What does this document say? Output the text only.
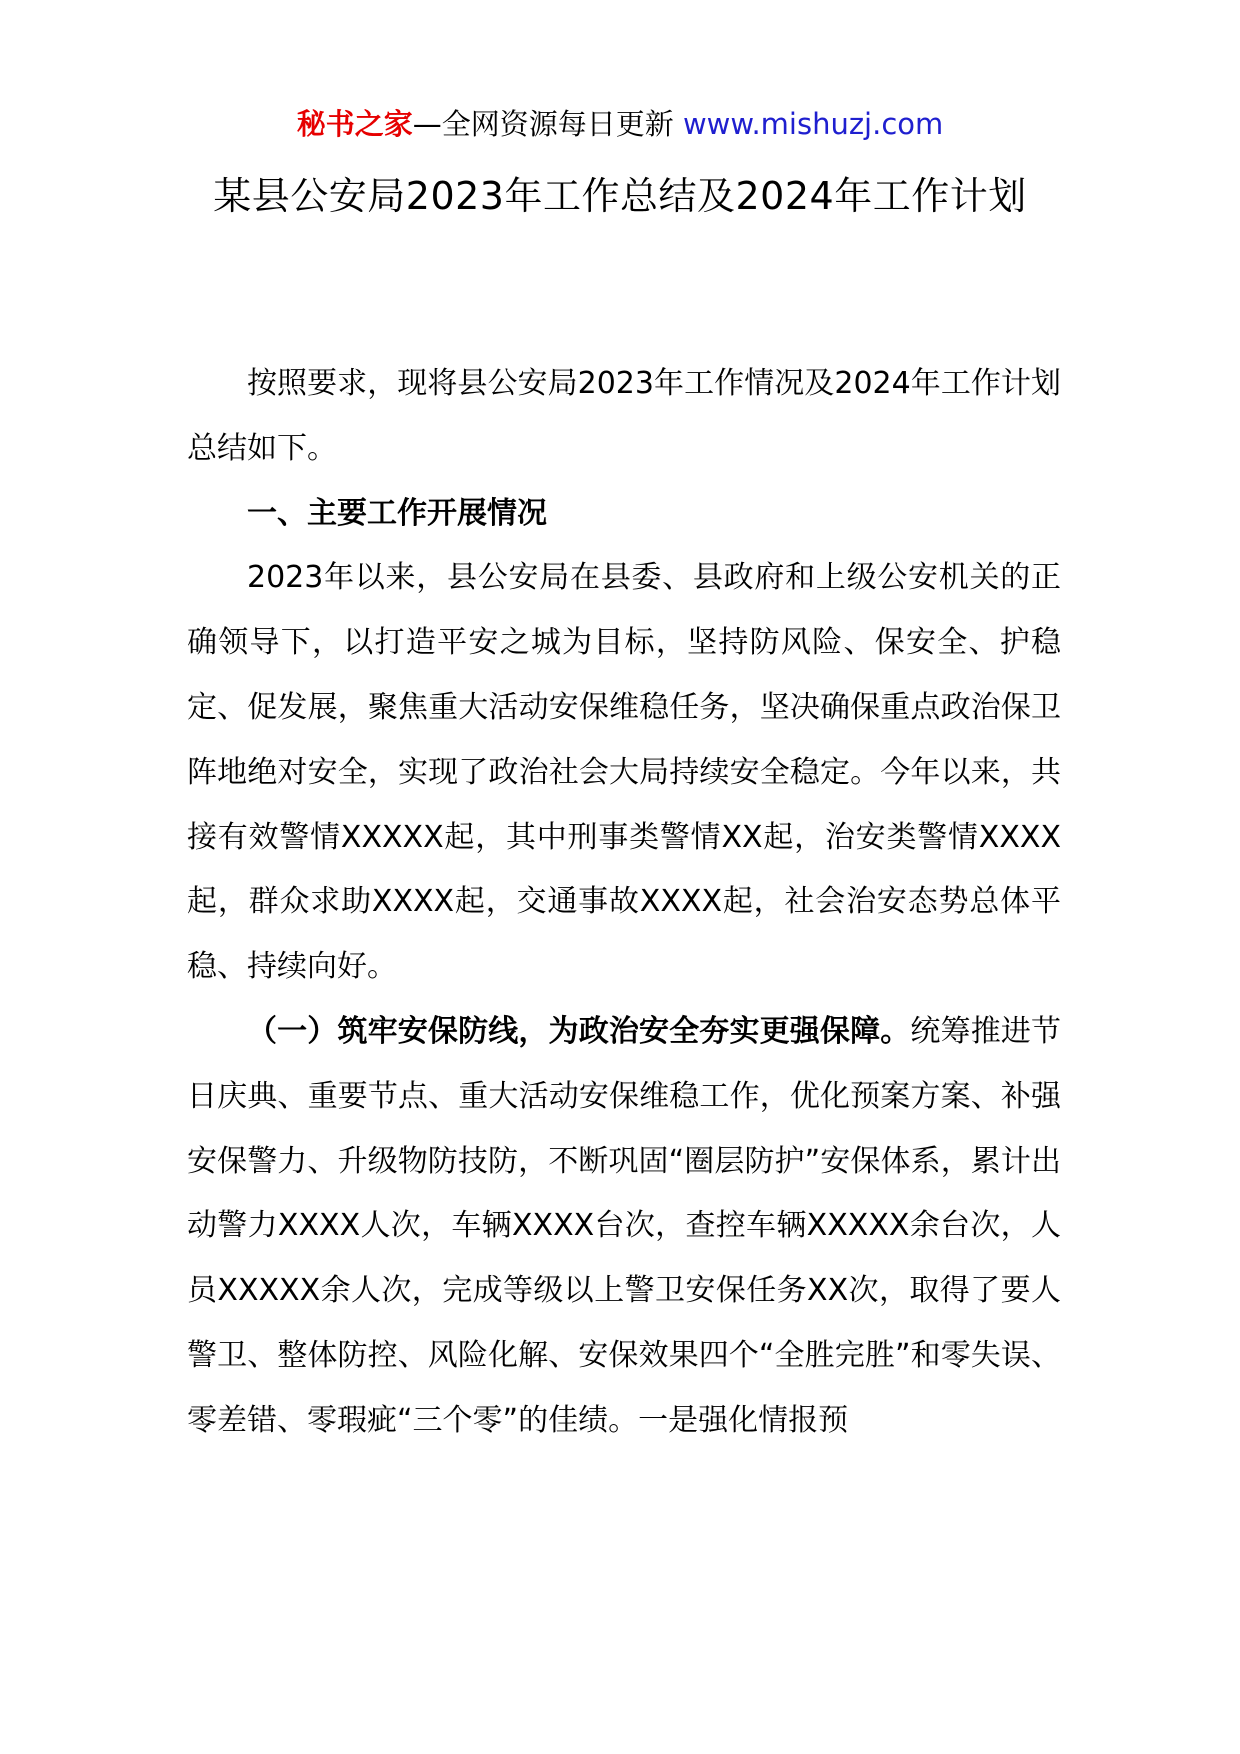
秘书之家—全网资源每日更新 www.mishuzj.com
某县公安局2023年工作总结及2024年工作计划

按照要求，现将县公安局2023年工作情况及2024年工作计划总结如下。

一、主要工作开展情况

2023年以来，县公安局在县委、县政府和上级公安机关的正确领导下，以打造平安之城为目标，坚持防风险、保安全、护稳定、促发展，聚焦重大活动安保维稳任务，坚决确保重点政治保卫阵地绝对安全，实现了政治社会大局持续安全稳定。今年以来，共接有效警情XXXXX起，其中刑事类警情XX起，治安类警情XXXX起，群众求助XXXX起，交通事故XXXX起，社会治安态势总体平稳、持续向好。

（一）筑牢安保防线，为政治安全夯实更强保障。统筹推进节日庆典、重要节点、重大活动安保维稳工作，优化预案方案、补强安保警力、升级物防技防，不断巩固“圈层防护”安保体系，累计出动警力XXXX人次，车辆XXXX台次，查控车辆XXXXX余台次，人员XXXXX余人次，完成等级以上警卫安保任务XX次，取得了要人警卫、整体防控、风险化解、安保效果四个“全胜完胜”和零失误、零差错、零瑕疵“三个零”的佳绩。一是强化情报预
